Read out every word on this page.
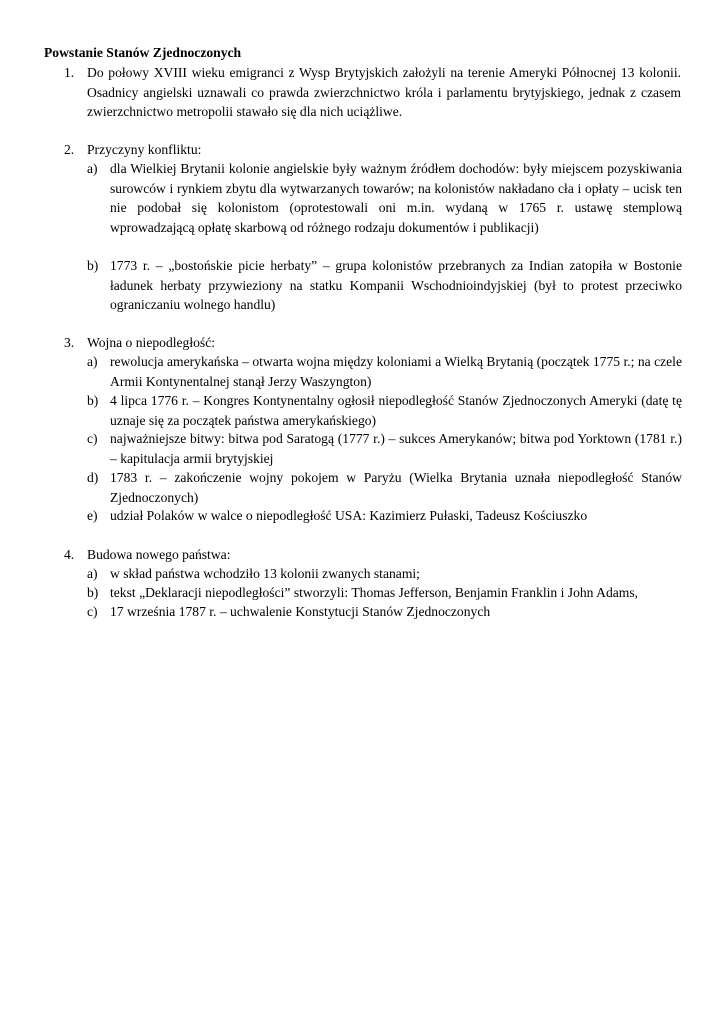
Powstanie Stanów Zjednoczonych
1. Do połowy XVIII wieku emigranci z Wysp Brytyjskich założyli na terenie Ameryki Północnej 13 kolonii. Osadnicy angielski uznawali co prawda zwierzchnictwo króla i parlamentu brytyjskiego, jednak z czasem zwierzchnictwo metropolii stawało się dla nich uciążliwe.
2. Przyczyny konfliktu:
a) dla Wielkiej Brytanii kolonie angielskie były ważnym źródłem dochodów: były miejscem pozyskiwania surowców i rynkiem zbytu dla wytwarzanych towarów; na kolonistów nakładano cła i opłaty – ucisk ten nie podobał się kolonistom (oprotestowali oni m.in. wydaną w 1765 r. ustawę stemplową wprowadzającą opłatę skarbową od różnego rodzaju dokumentów i publikacji)
b) 1773 r. – „bostońskie picie herbaty” – grupa kolonistów przebranych za Indian zatopiła w Bostonie ładunek herbaty przywieziony na statku Kompanii Wschodnioindyjskiej (był to protest przeciwko ograniczaniu wolnego handlu)
3. Wojna o niepodległość:
a) rewolucja amerykańska – otwarta wojna między koloniami a Wielką Brytanią (początek 1775 r.; na czele Armii Kontynentalnej stanął Jerzy Waszyngton)
b) 4 lipca 1776 r. – Kongres Kontynentalny ogłosił niepodległość Stanów Zjednoczonych Ameryki (datę tę uznaje się za początek państwa amerykańskiego)
c) najważniejsze bitwy: bitwa pod Saratogą (1777 r.) – sukces Amerykanów; bitwa pod Yorktown (1781 r.) – kapitulacja armii brytyjskiej
d) 1783 r. – zakończenie wojny pokojem w Paryżu (Wielka Brytania uznała niepodległość Stanów Zjednoczonych)
e) udział Polaków w walce o niepodległość USA: Kazimierz Pułaski, Tadeusz Kościuszko
4. Budowa nowego państwa:
a) w skład państwa wchodziło 13 kolonii zwanych stanami;
b) tekst „Deklaracji niepodległości” stworzyli: Thomas Jefferson, Benjamin Franklin i John Adams,
c) 17 września 1787 r. – uchwalenie Konstytucji Stanów Zjednoczonych
